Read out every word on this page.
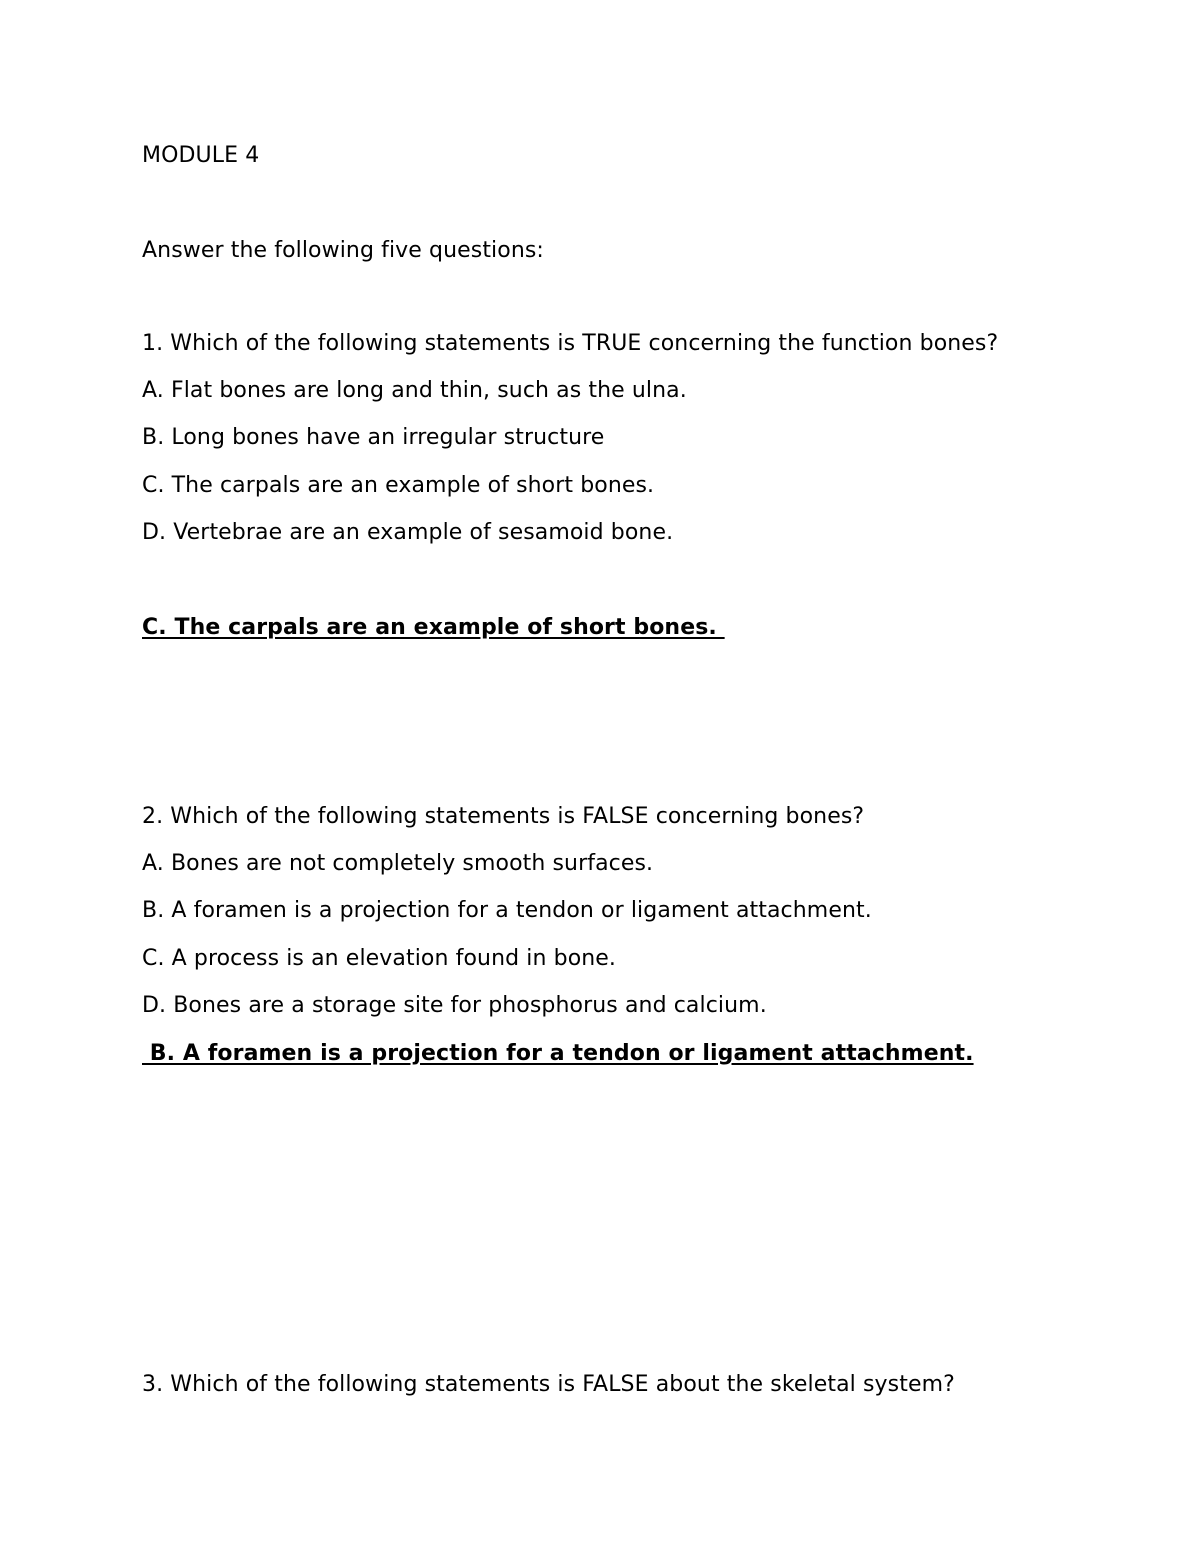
MODULE 4
Answer the following five questions:
1. Which of the following statements is TRUE concerning the function bones?
A. Flat bones are long and thin, such as the ulna.
B. Long bones have an irregular structure
C. The carpals are an example of short bones.
D. Vertebrae are an example of sesamoid bone.
C. The carpals are an example of short bones.
2. Which of the following statements is FALSE concerning bones?
A. Bones are not completely smooth surfaces.
B. A foramen is a projection for a tendon or ligament attachment.
C. A process is an elevation found in bone.
D. Bones are a storage site for phosphorus and calcium.
B. A foramen is a projection for a tendon or ligament attachment.
3. Which of the following statements is FALSE about the skeletal system?
